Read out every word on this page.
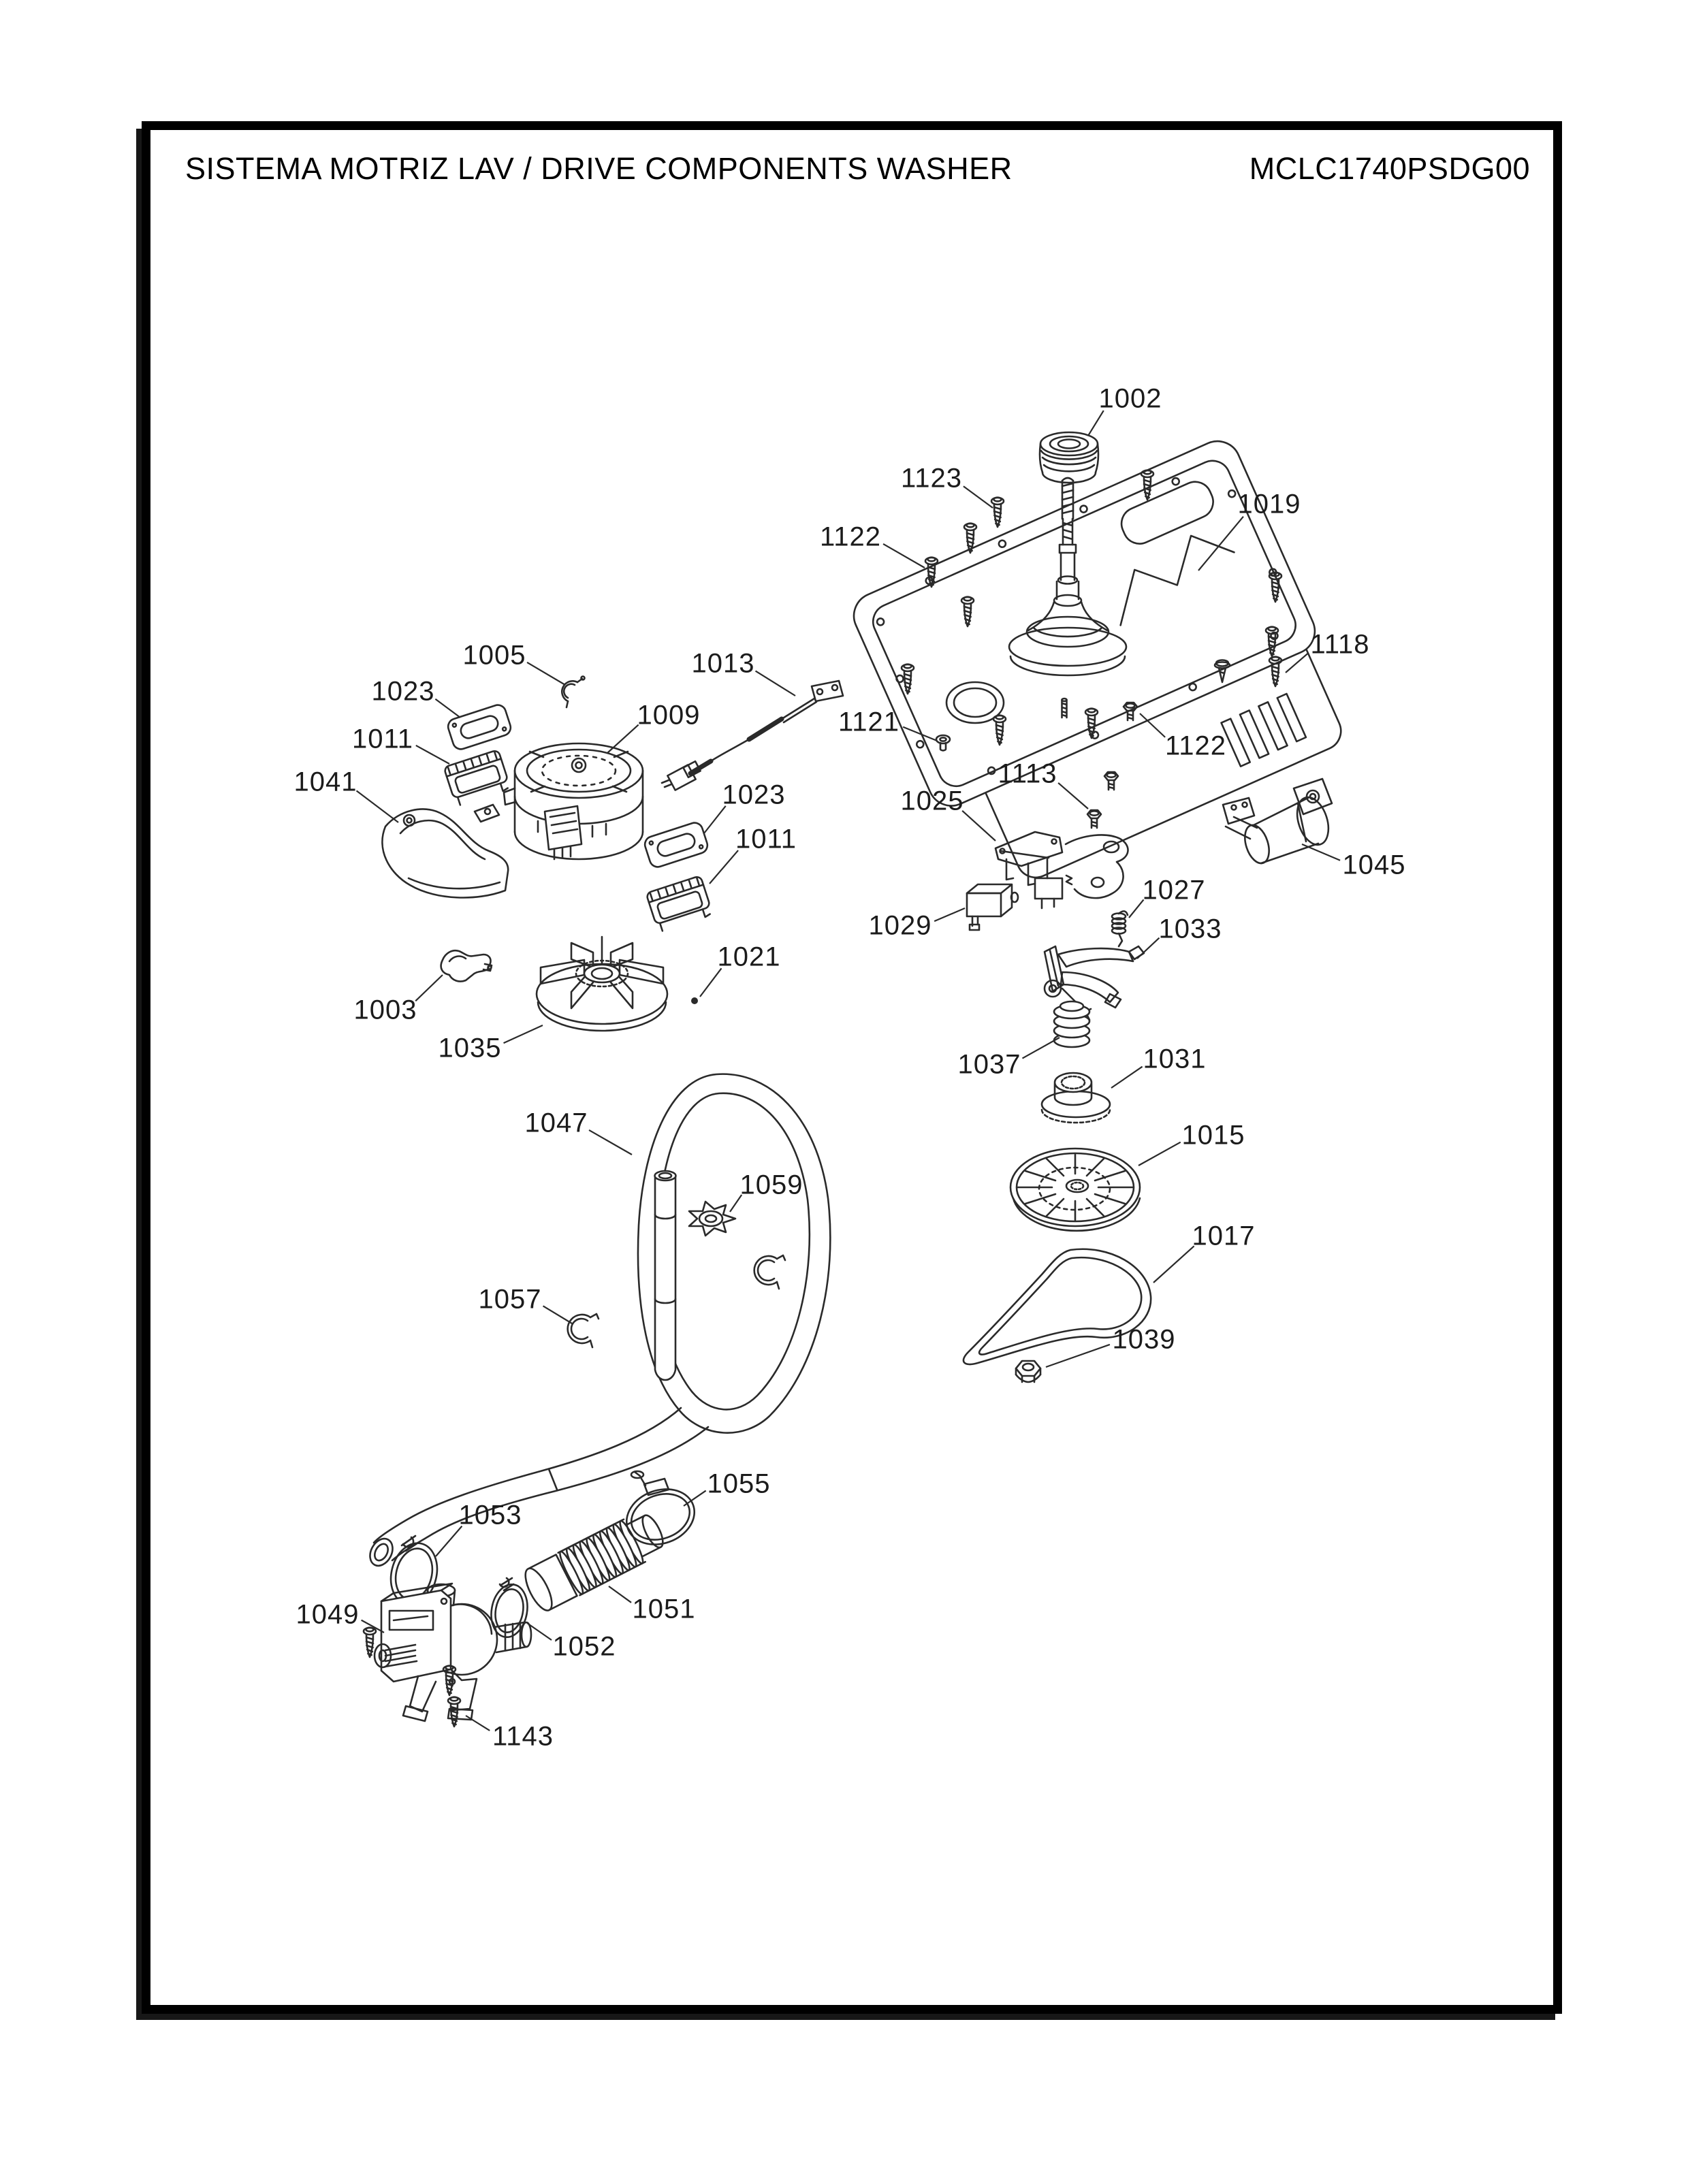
SISTEMA MOTRIZ LAV / DRIVE COMPONENTS WASHER	MCLC1740PSDG00
1002
1123
1122
1019
1118
1005	1013
1023
1009	1121
1011	1122
1041	1113
1023	1025
1011
1045
1027
1033
1029
1021
1003
1035
1037	1031
1015
1047
1059
1017
1057
1039
1055
1053
1049	1051
1052
1143
